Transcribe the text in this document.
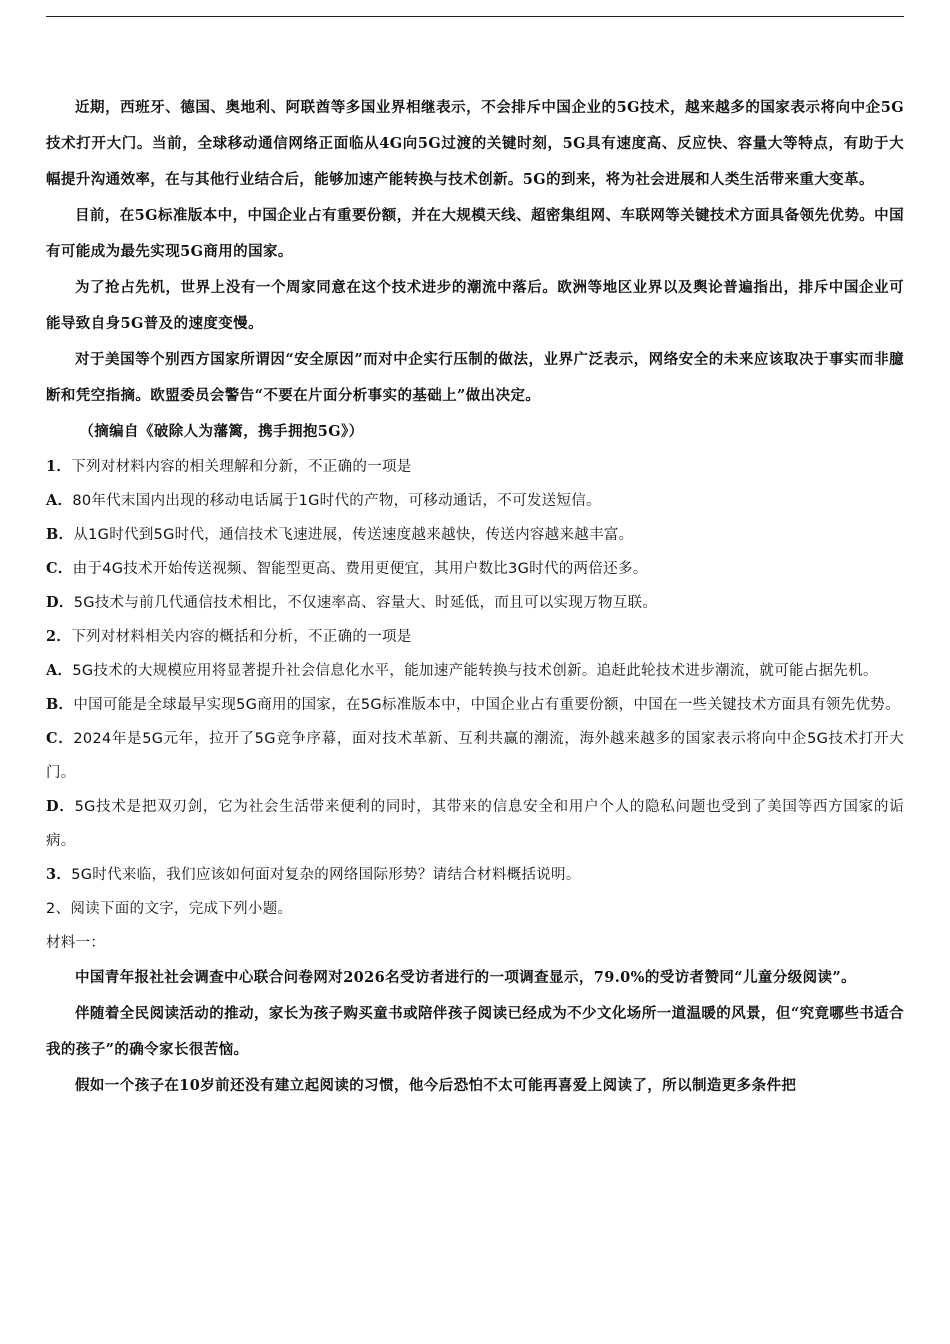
近期，西班牙、德国、奥地利、阿联酋等多国业界相继表示，不会排斥中国企业的5G技术，越来越多的国家表示将向中企5G技术打开大门。当前，全球移动通信网络正面临从4G向5G过渡的关键时刻，5G具有速度高、反应快、容量大等特点，有助于大幅提升沟通效率，在与其他行业结合后，能够加速产能转换与技术创新。5G的到来，将为社会进展和人类生活带来重大变革。

目前，在5G标准版本中，中国企业占有重要份额，并在大规模天线、超密集组网、车联网等关键技术方面具备领先优势。中国有可能成为最先实现5G商用的国家。

为了抢占先机，世界上没有一个周家同意在这个技术进步的潮流中落后。欧洲等地区业界以及舆论普遍指出，排斥中国企业可能导致自身5G普及的速度变慢。

对于美国等个别西方国家所谓因“安全原因”而对中企实行压制的做法，业界广泛表示，网络安全的未来应该取决于事实而非臆断和凭空指摘。欧盟委员会警告“不要在片面分析事实的基础上”做出决定。

（摘编自《破除人为藩篱，携手拥抱5G》）

1．下列对材料内容的相关理解和分新，不正确的一项是

A．80年代末国内出现的移动电话属于1G时代的产物，可移动通话，不可发送短信。

B．从1G时代到5G时代，通信技术飞速进展，传送速度越来越快，传送内容越来越丰富。

C．由于4G技术开始传送视频、智能型更高、费用更便宜，其用户数比3G时代的两倍还多。

D．5G技术与前几代通信技术相比，不仅速率高、容量大、时延低，而且可以实现万物互联。

2．下列对材料相关内容的概括和分析，不正确的一项是

A．5G技术的大规模应用将显著提升社会信息化水平，能加速产能转换与技术创新。追赶此轮技术进步潮流，就可能占据先机。

B．中国可能是全球最早实现5G商用的国家，在5G标准版本中，中国企业占有重要份额，中国在一些关键技术方面具有领先优势。

C．2024年是5G元年，拉开了5G竞争序幕，面对技术革新、互利共赢的潮流，海外越来越多的国家表示将向中企5G技术打开大门。

D．5G技术是把双刃剑，它为社会生活带来便利的同时，其带来的信息安全和用户个人的隐私问题也受到了美国等西方国家的诟病。

3．5G时代来临，我们应该如何面对复杂的网络国际形势？请结合材料概括说明。

2、阅读下面的文字，完成下列小题。

材料一：

中国青年报社社会调查中心联合问卷网对2026名受访者进行的一项调查显示，79.0%的受访者赞同“儿童分级阅读”。

伴随着全民阅读活动的推动，家长为孩子购买童书或陪伴孩子阅读已经成为不少文化场所一道温暖的风景，但“究竟哪些书适合我的孩子”的确令家长很苦恼。

假如一个孩子在10岁前还没有建立起阅读的习惯，他今后恐怕不太可能再喜爱上阅读了，所以制造更多条件把
